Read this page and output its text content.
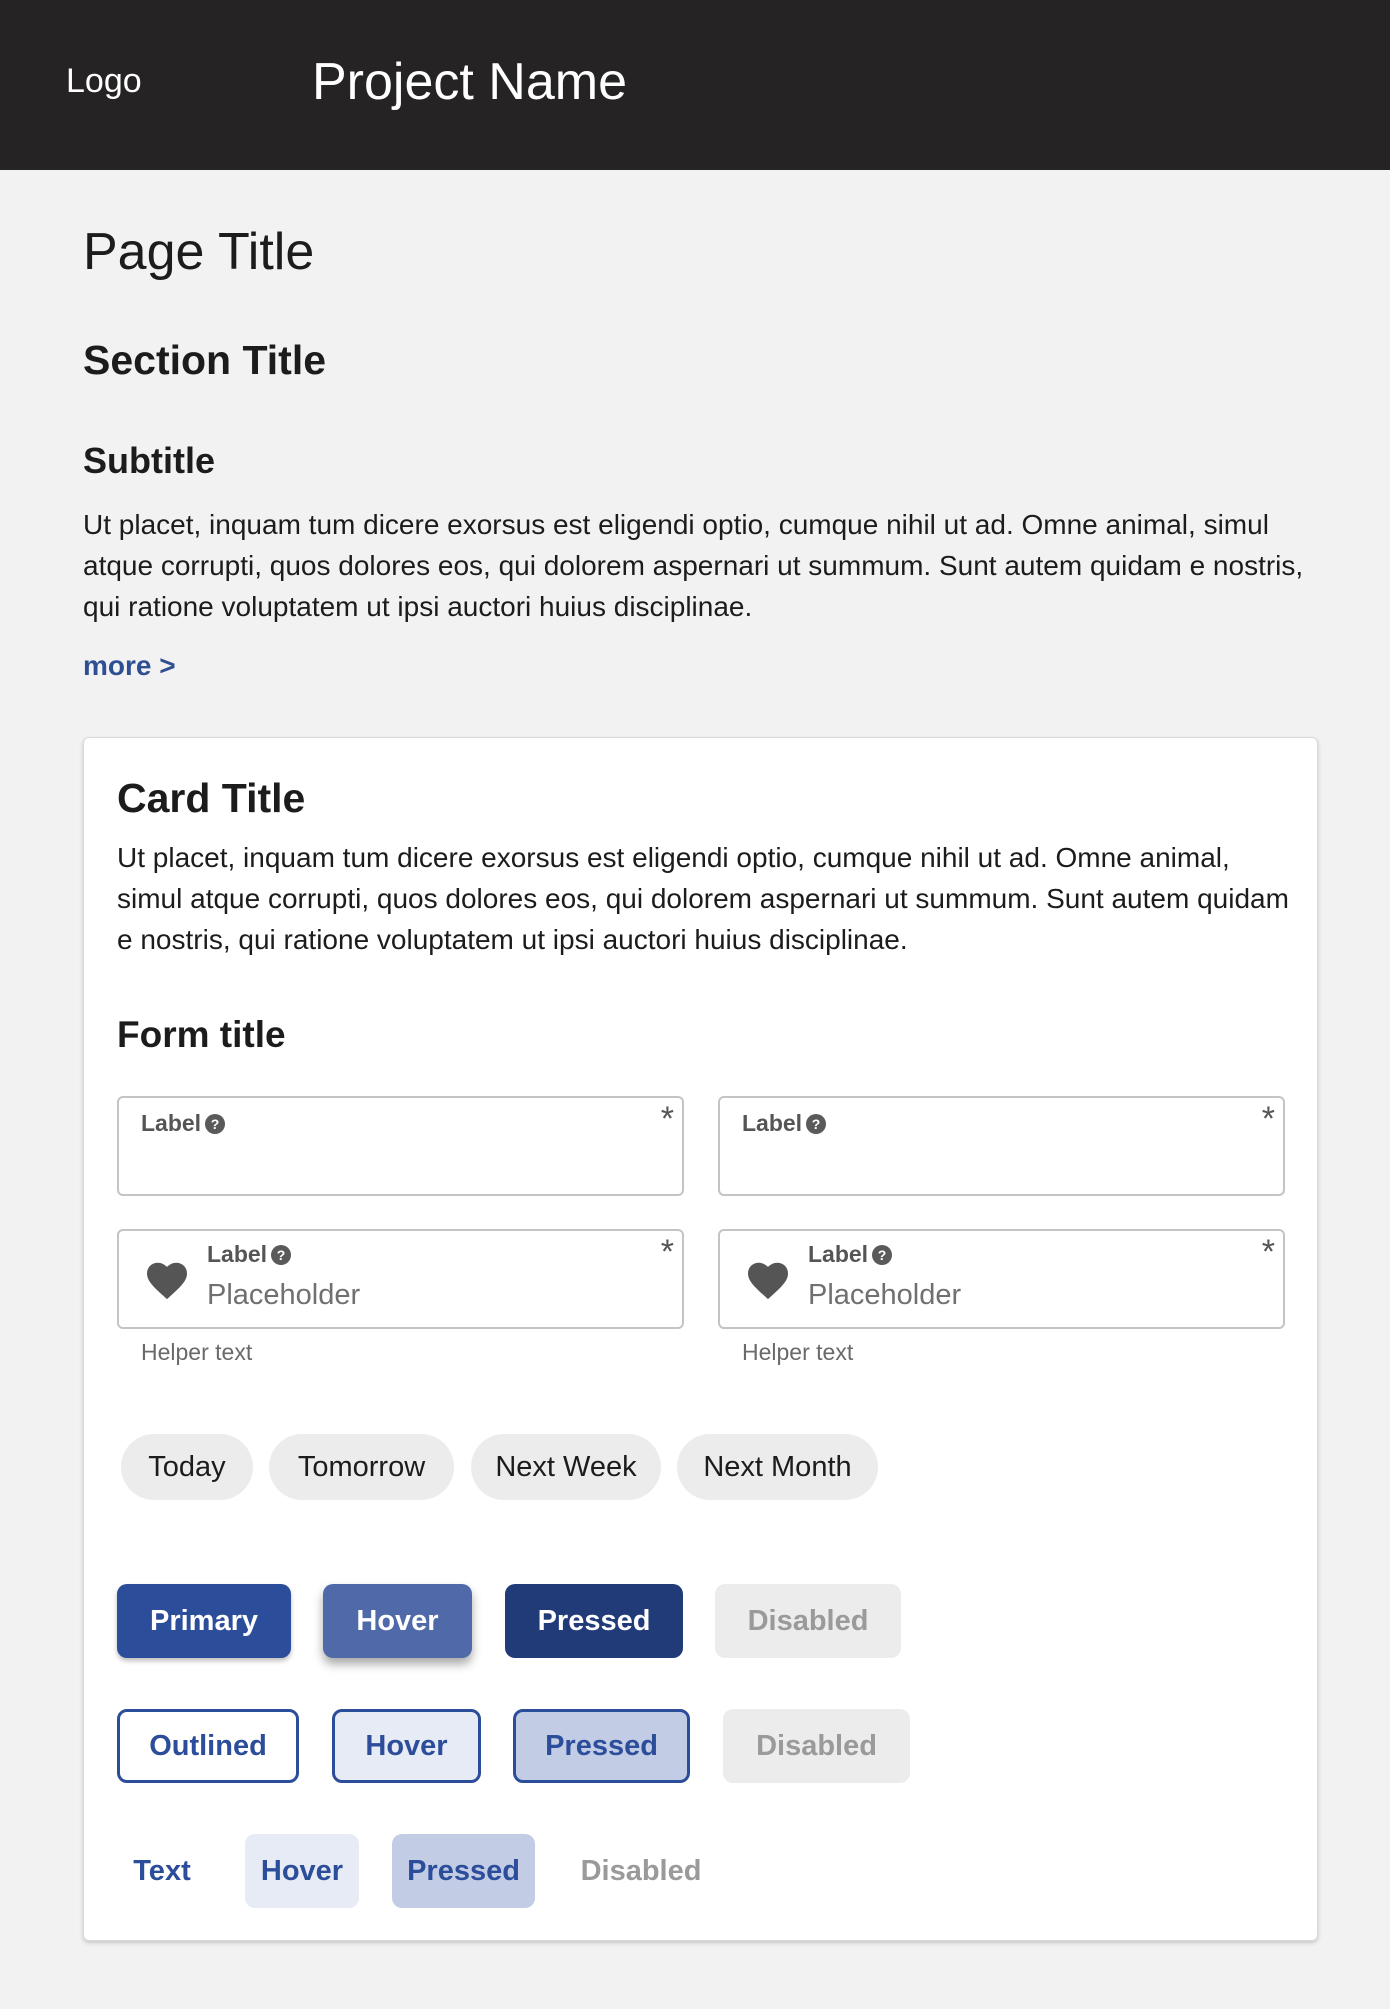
Logo	Project Name
Page Title
Section Title
Subtitle

Ut placet, inquam tum dicere exorsus est eligendi optio, cumque nihil ut ad. Omne animal, simul atque corrupti, quos dolores eos, qui dolorem aspernari ut summum. Sunt autem quidam e nostris, qui ratione voluptatem ut ipsi auctori huius disciplinae.

more >
Card Title

Ut placet, inquam tum dicere exorsus est eligendi optio, cumque nihil ut ad. Omne animal, simul atque corrupti, quos dolores eos, qui dolorem aspernari ut summum. Sunt autem quidam e nostris, qui ratione voluptatem ut ipsi auctori huius disciplinae.

Form title
Label ?	*	Label ?	*
Label ?	*
Placeholder
Helper text
Label ?	*
Placeholder
Helper text
Today	Tomorrow	Next Week	Next Month
Primary	Hover	Pressed	Disabled
Outlined	Hover	Pressed	Disabled
Text	Hover	Pressed	Disabled
